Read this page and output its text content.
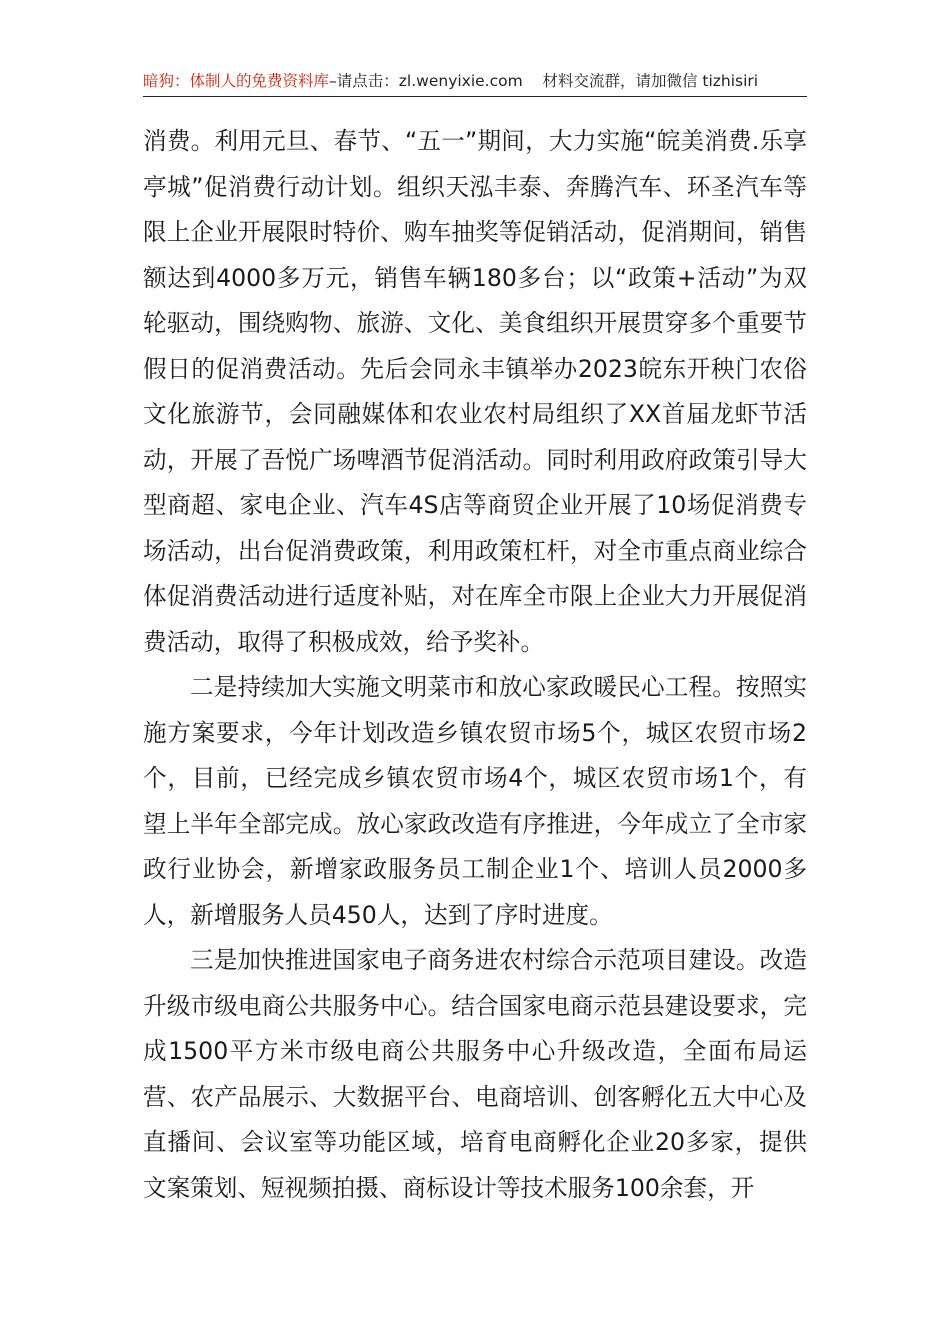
暗狗：体制人的免费资料库–请点击：zl.wenyixie.com 材料交流群，请加微信 tizhisiri

消费。利用元旦、春节、“五一”期间，大力实施“皖美消费.乐享亭城”促消费行动计划。组织天泓丰泰、奔腾汽车、环圣汽车等限上企业开展限时特价、购车抽奖等促销活动，促消期间，销售额达到4000多万元，销售车辆180多台；以“政策+活动”为双轮驱动，围绕购物、旅游、文化、美食组织开展贯穿多个重要节假日的促消费活动。先后会同永丰镇举办2023皖东开秧门农俗文化旅游节，会同融媒体和农业农村局组织了XX首届龙虾节活动，开展了吾悦广场啤酒节促消活动。同时利用政府政策引导大型商超、家电企业、汽车4S店等商贸企业开展了10场促消费专场活动，出台促消费政策，利用政策杠杆，对全市重点商业综合体促消费活动进行适度补贴，对在库全市限上企业大力开展促消费活动，取得了积极成效，给予奖补。

二是持续加大实施文明菜市和放心家政暖民心工程。按照实施方案要求，今年计划改造乡镇农贸市场5个，城区农贸市场2个，目前，已经完成乡镇农贸市场4个，城区农贸市场1个，有望上半年全部完成。放心家政改造有序推进，今年成立了全市家政行业协会，新增家政服务员工制企业1个、培训人员2000多人，新增服务人员450人，达到了序时进度。

三是加快推进国家电子商务进农村综合示范项目建设。改造升级市级电商公共服务中心。结合国家电商示范县建设要求，完成1500平方米市级电商公共服务中心升级改造，全面布局运营、农产品展示、大数据平台、电商培训、创客孵化五大中心及直播间、会议室等功能区域，培育电商孵化企业20多家，提供文案策划、短视频拍摄、商标设计等技术服务100余套，开
